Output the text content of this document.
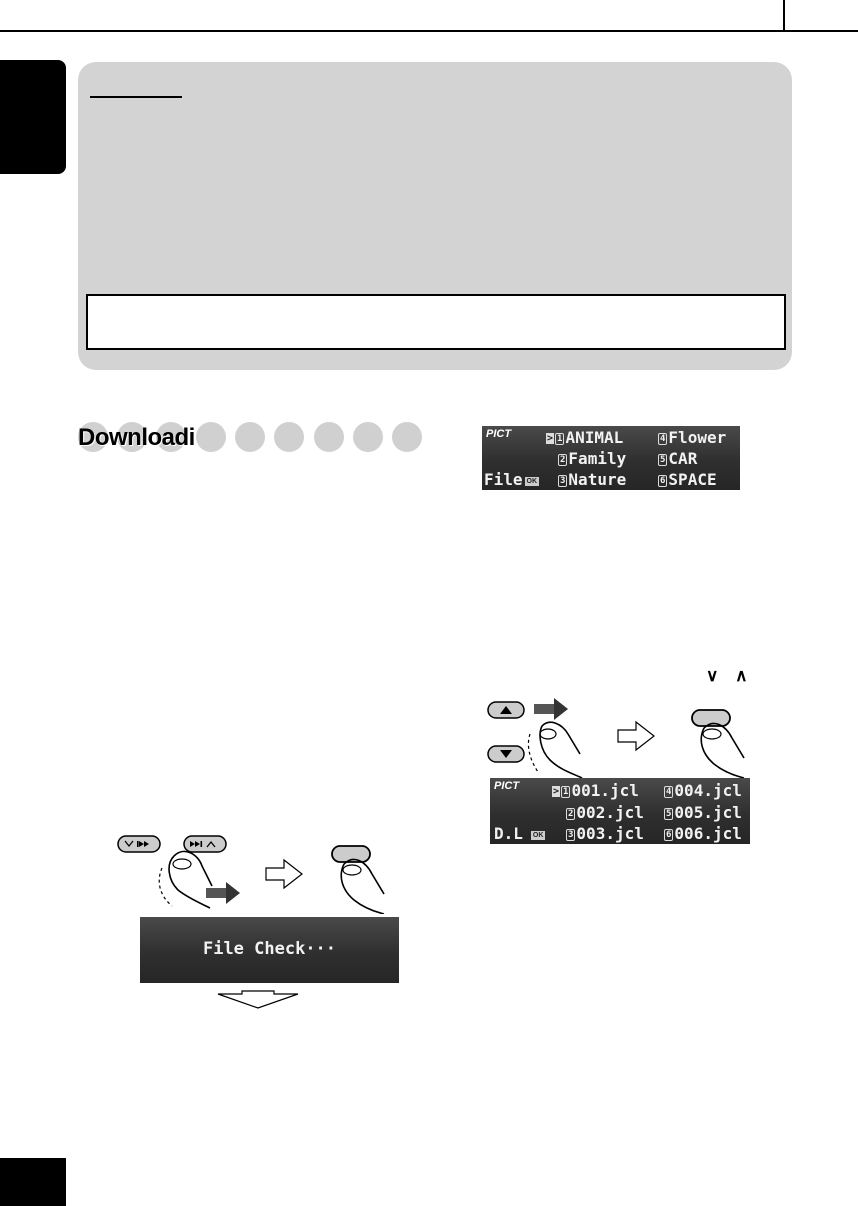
Downloadi	PICT
File OK
> 1 ANIMAL
2 Family
3 Nature
4 Flower
5 CAR
6 SPACE
∨ ∧
PICT
D.L OK
> 1 001.jcl
2 002.jcl
3 003.jcl
4 004.jcl
5 005.jcl
6 006.jcl
File Check···
